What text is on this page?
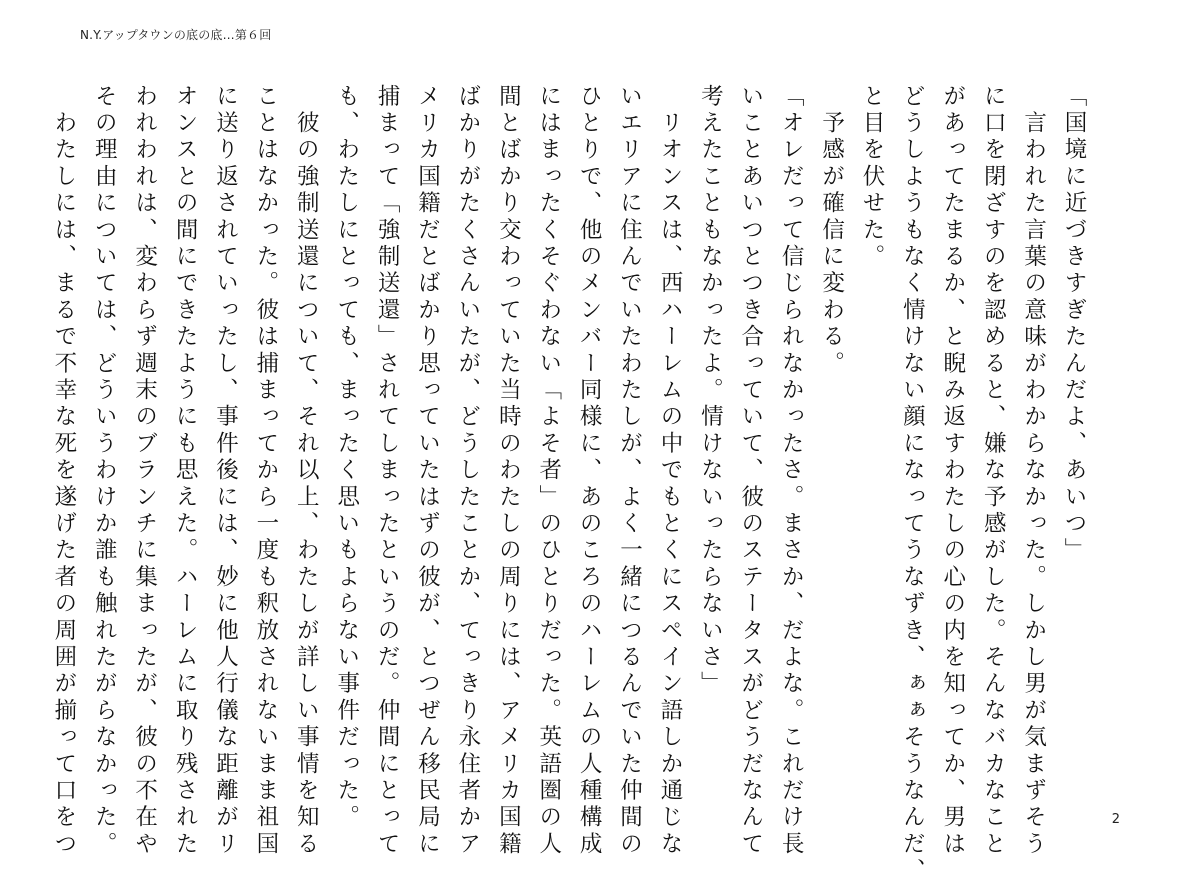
N.Y.アップタウンの底の底…第６回

「国境に近づきすぎたんだよ、あいつ」

　言われた言葉の意味がわからなかった。しかし男が気まずそう
に口を閉ざすのを認めると、嫌な予感がした。そんなバカなこと
があってたまるか、と睨み返すわたしの心の内を知ってか、男は
どうしようもなく情けない顔になってうなずき、ぁぁそうなんだ、
と目を伏せた。

　予感が確信に変わる。

「オレだって信じられなかったさ。まさか、だよな。これだけ長
いことあいつとつき合っていて、彼のステータスがどうだなんて
考えたこともなかったよ。情けないったらないさ」

　リオンスは、西ハーレムの中でもとくにスペイン語しか通じな
いエリアに住んでいたわたしが、よく一緒につるんでいた仲間の
ひとりで、他のメンバー同様に、あのころのハーレムの人種構成
にはまったくそぐわない「よそ者」のひとりだった。英語圏の人
間とばかり交わっていた当時のわたしの周りには、アメリカ国籍
ばかりがたくさんいたが、どうしたことか、てっきり永住者かア
メリカ国籍だとばかり思っていたはずの彼が、とつぜん移民局に
捕まって「強制送還」されてしまったというのだ。仲間にとって
も、わたしにとっても、まったく思いもよらない事件だった。

　彼の強制送還について、それ以上、わたしが詳しい事情を知る
ことはなかった。彼は捕まってから一度も釈放されないまま祖国
に送り返されていったし、事件後には、妙に他人行儀な距離がリ
オンスとの間にできたようにも思えた。ハーレムに取り残された
われわれは、変わらず週末のブランチに集まったが、彼の不在や
その理由については、どういうわけか誰も触れたがらなかった。

　わたしには、まるで不幸な死を遂げた者の周囲が揃って口をつ	2
